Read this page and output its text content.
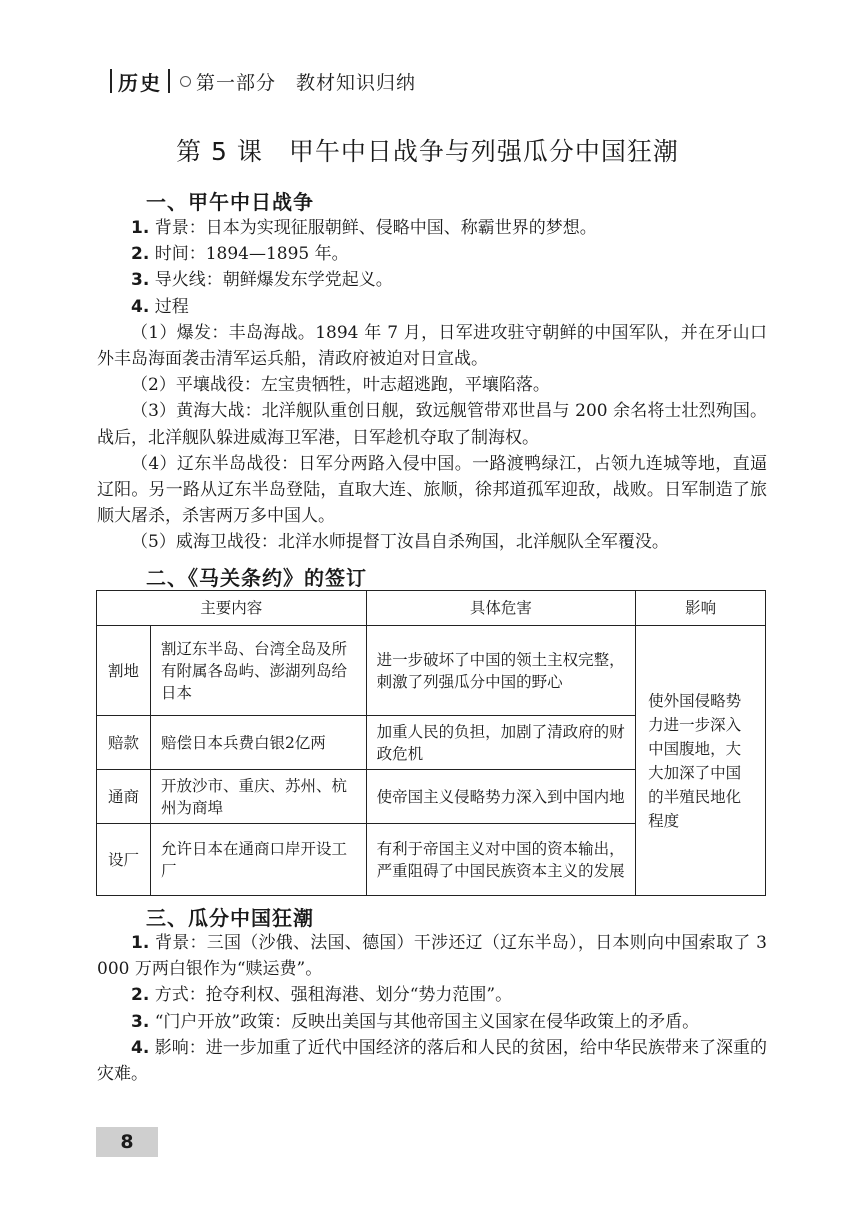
历史 第一部分 教材知识归纳
第 5 课　甲午中日战争与列强瓜分中国狂潮
一、甲午中日战争

1. 背景：日本为实现征服朝鲜、侵略中国、称霸世界的梦想。

2. 时间：1894—1895 年。

3. 导火线：朝鲜爆发东学党起义。

4. 过程

（1）爆发：丰岛海战。1894 年 7 月，日军进攻驻守朝鲜的中国军队，并在牙山口外丰岛海面袭击清军运兵船，清政府被迫对日宣战。

（2）平壤战役：左宝贵牺牲，叶志超逃跑，平壤陷落。

（3）黄海大战：北洋舰队重创日舰，致远舰管带邓世昌与 200 余名将士壮烈殉国。战后，北洋舰队躲进威海卫军港，日军趁机夺取了制海权。

（4）辽东半岛战役：日军分两路入侵中国。一路渡鸭绿江，占领九连城等地，直逼辽阳。另一路从辽东半岛登陆，直取大连、旅顺，徐邦道孤军迎敌，战败。日军制造了旅顺大屠杀，杀害两万多中国人。

（5）威海卫战役：北洋水师提督丁汝昌自杀殉国，北洋舰队全军覆没。

二、《马关条约》的签订
主要内容		具体危害	影响
割地	割辽东半岛、台湾全岛及所有附属各岛屿、澎湖列岛给日本	进一步破坏了中国的领土主权完整，刺激了列强瓜分中国的野心	使外国侵略势力进一步深入中国腹地，大大加深了中国的半殖民地化程度
赔款	赔偿日本兵费白银2亿两	加重人民的负担，加剧了清政府的财政危机	
通商	开放沙市、重庆、苏州、杭州为商埠	使帝国主义侵略势力深入到中国内地	
设厂	允许日本在通商口岸开设工厂	有利于帝国主义对中国的资本输出，严重阻碍了中国民族资本主义的发展	
三、瓜分中国狂潮

1. 背景：三国（沙俄、法国、德国）干涉还辽（辽东半岛），日本则向中国索取了 3 000 万两白银作为“赎运费”。

2. 方式：抢夺利权、强租海港、划分“势力范围”。

3. “门户开放”政策：反映出美国与其他帝国主义国家在侵华政策上的矛盾。

4. 影响：进一步加重了近代中国经济的落后和人民的贫困，给中华民族带来了深重的灾难。

8
